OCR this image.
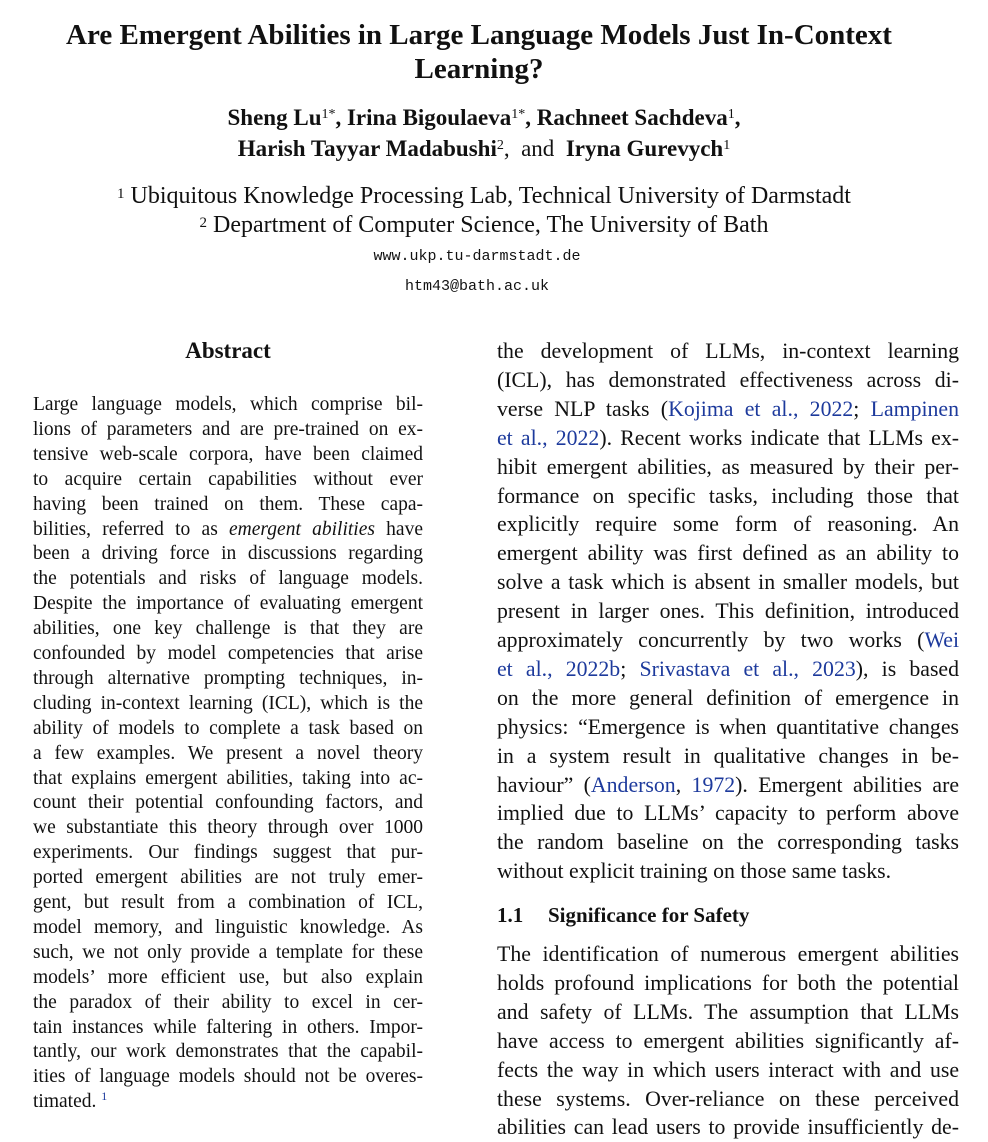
Are Emergent Abilities in Large Language Models Just In-Context Learning?
Sheng $Lu^{1*}$, Irina Bigoulaeva$^{1*}$, Rachneet Sachdeva$^1$,
Harish Tayyar Madabushi$^2$,  and  Iryna Gurevych$^1$
$^1$ Ubiquitous Knowledge Processing Lab, Technical University of Darmstadt
$^2$ Department of Computer Science, The University of Bath
www.ukp.tu-darmstadt.de
htm43@bath.ac.uk
Abstract
Large language models, which comprise bil-
lions of parameters and are pre-trained on ex-
tensive web-scale corpora, have been claimed
to acquire certain capabilities without ever
having been trained on them. These capa-
bilities, referred to as emergent abilities have
been a driving force in discussions regarding
the potentials and risks of language models.
Despite the importance of evaluating emergent
abilities, one key challenge is that they are
confounded by model competencies that arise
through alternative prompting techniques, in-
cluding in-context learning (ICL), which is the
ability of models to complete a task based on
a few examples. We present a novel theory
that explains emergent abilities, taking into ac-
count their potential confounding factors, and
we substantiate this theory through over 1000
experiments. Our findings suggest that pur-
ported emergent abilities are not truly emer-
gent, but result from a combination of ICL,
model memory, and linguistic knowledge. As
such, we not only provide a template for these
models’ more efficient use, but also explain
the paradox of their ability to excel in cer-
tain instances while faltering in others. Impor-
tantly, our work demonstrates that the capabil-
ities of language models should not be overes-
timated. $^1$
the development of LLMs, in-context learning
(ICL), has demonstrated effectiveness across di-
verse NLP tasks (Kojima et al., 2022; Lampinen
et al., 2022). Recent works indicate that LLMs ex-
hibit emergent abilities, as measured by their per-
formance on specific tasks, including those that
explicitly require some form of reasoning. An
emergent ability was first defined as an ability to
solve a task which is absent in smaller models, but
present in larger ones. This definition, introduced
approximately concurrently by two works (Wei
et al., 2022b; Srivastava et al., 2023), is based
on the more general definition of emergence in
physics: “Emergence is when quantitative changes
in a system result in qualitative changes in be-
haviour” (Anderson, 1972). Emergent abilities are
implied due to LLMs’ capacity to perform above
the random baseline on the corresponding tasks
without explicit training on those same tasks.
1.1 Significance for Safety
The identification of numerous emergent abilities
holds profound implications for both the potential
and safety of LLMs. The assumption that LLMs
have access to emergent abilities significantly af-
fects the way in which users interact with and use
these systems. Over-reliance on these perceived
abilities can lead users to provide insufficiently de-
